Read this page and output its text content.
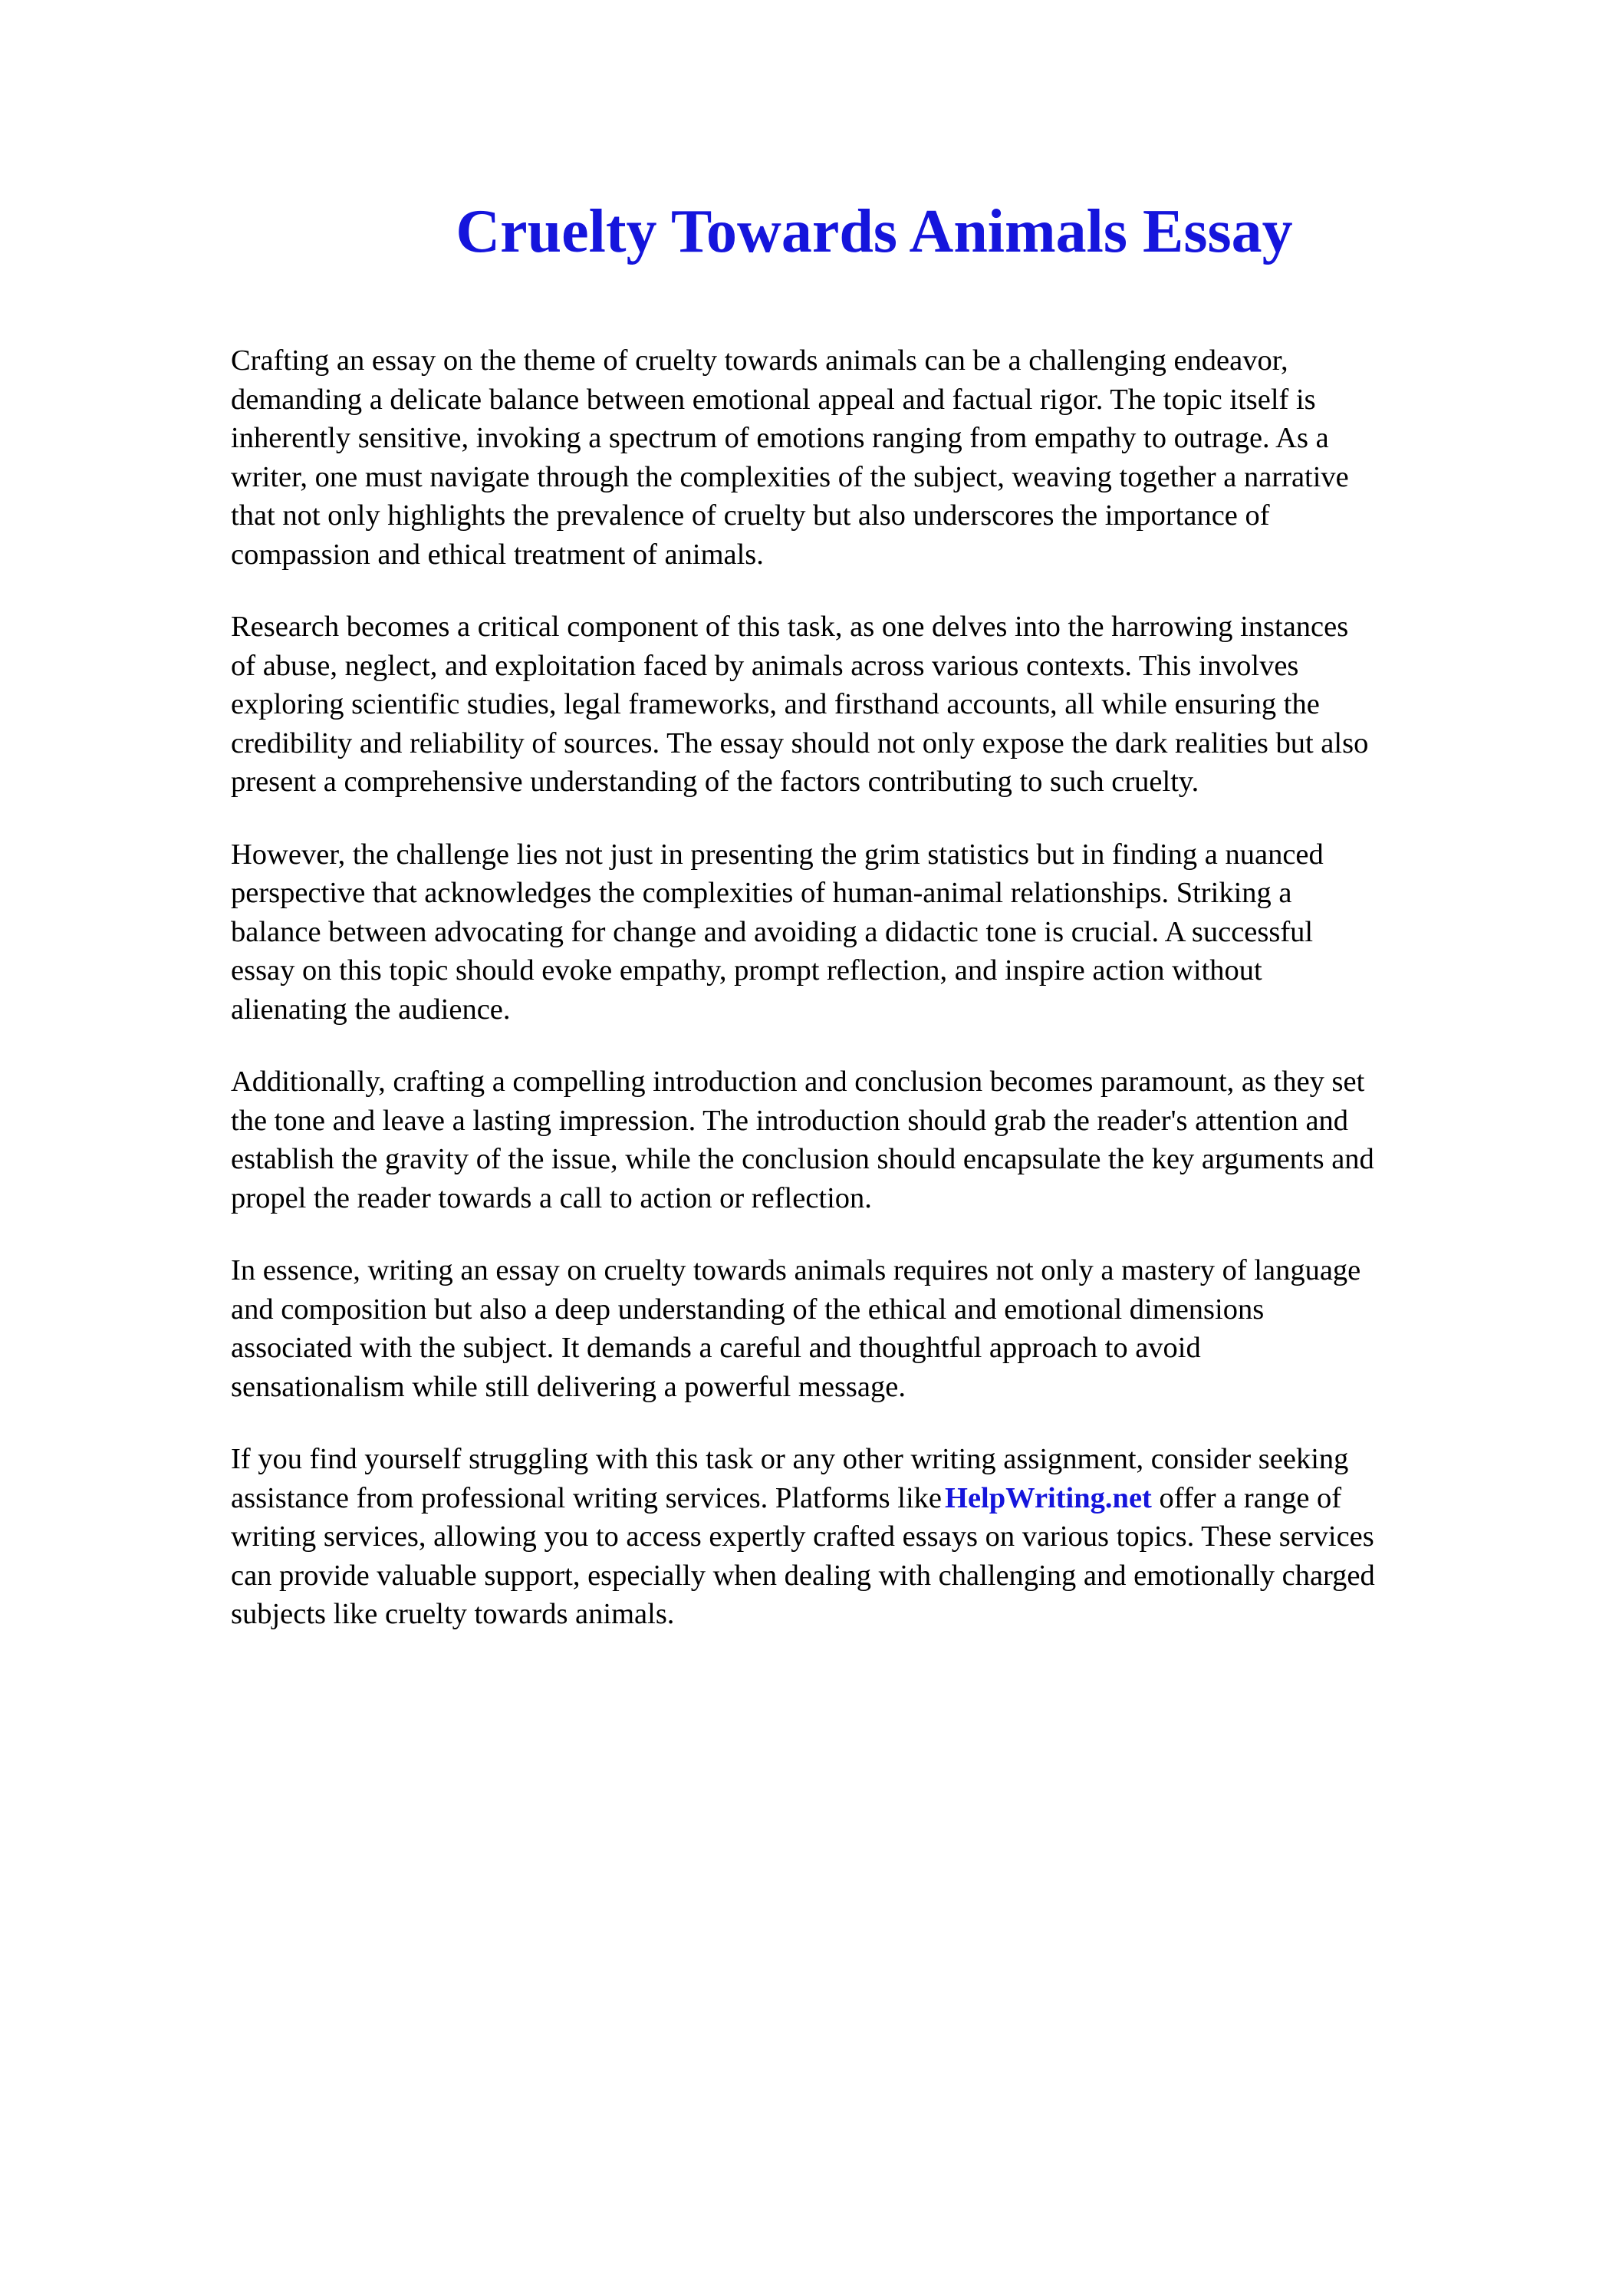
Cruelty Towards Animals Essay

Crafting an essay on the theme of cruelty towards animals can be a challenging endeavor,
demanding a delicate balance between emotional appeal and factual rigor. The topic itself is
inherently sensitive, invoking a spectrum of emotions ranging from empathy to outrage. As a
writer, one must navigate through the complexities of the subject, weaving together a narrative
that not only highlights the prevalence of cruelty but also underscores the importance of
compassion and ethical treatment of animals.

Research becomes a critical component of this task, as one delves into the harrowing instances
of abuse, neglect, and exploitation faced by animals across various contexts. This involves
exploring scientific studies, legal frameworks, and firsthand accounts, all while ensuring the
credibility and reliability of sources. The essay should not only expose the dark realities but also
present a comprehensive understanding of the factors contributing to such cruelty.

However, the challenge lies not just in presenting the grim statistics but in finding a nuanced
perspective that acknowledges the complexities of human-animal relationships. Striking a
balance between advocating for change and avoiding a didactic tone is crucial. A successful
essay on this topic should evoke empathy, prompt reflection, and inspire action without
alienating the audience.

Additionally, crafting a compelling introduction and conclusion becomes paramount, as they set
the tone and leave a lasting impression. The introduction should grab the reader's attention and
establish the gravity of the issue, while the conclusion should encapsulate the key arguments and
propel the reader towards a call to action or reflection.

In essence, writing an essay on cruelty towards animals requires not only a mastery of language
and composition but also a deep understanding of the ethical and emotional dimensions
associated with the subject. It demands a careful and thoughtful approach to avoid
sensationalism while still delivering a powerful message.

If you find yourself struggling with this task or any other writing assignment, consider seeking
assistance from professional writing services. Platforms like HelpWriting.net offer a range of
writing services, allowing you to access expertly crafted essays on various topics. These services
can provide valuable support, especially when dealing with challenging and emotionally charged
subjects like cruelty towards animals.
